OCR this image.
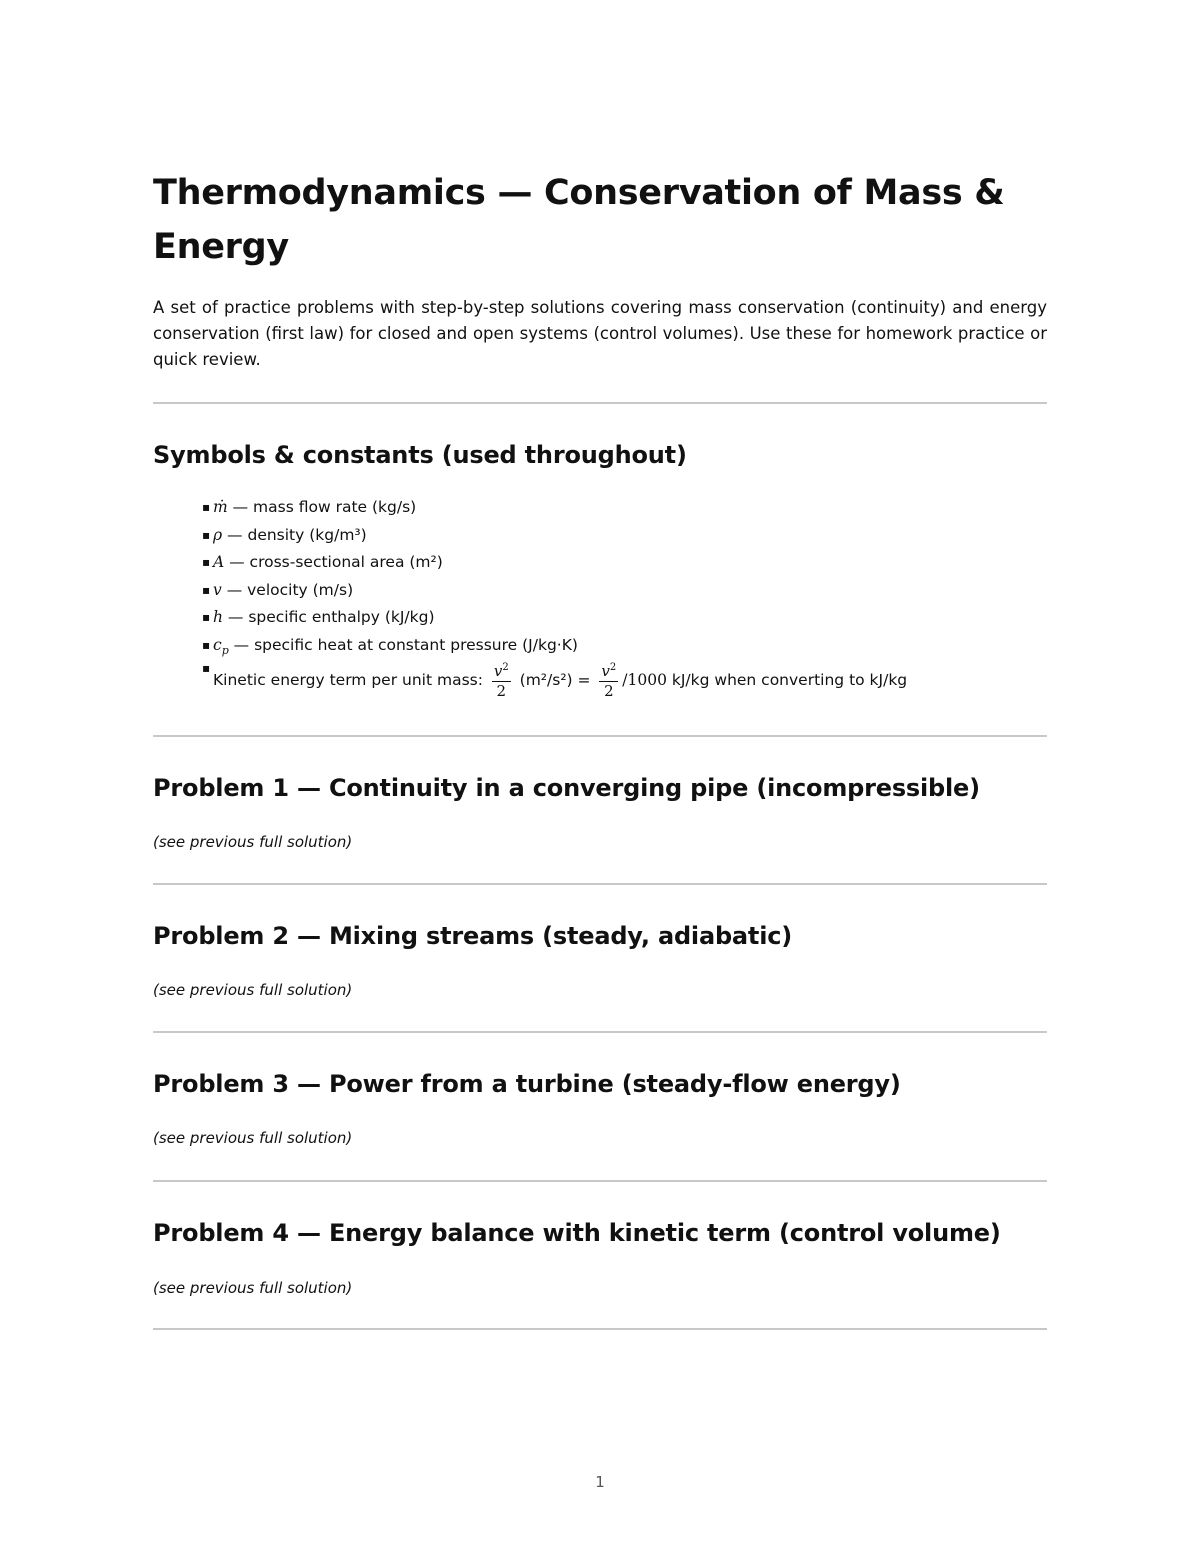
Thermodynamics — Conservation of Mass & Energy

A set of practice problems with step-by-step solutions covering mass conservation (continuity) and energy conservation (first law) for closed and open systems (control volumes). Use these for homework practice or quick review.

Symbols & constants (used throughout)
▪ ṁ — mass flow rate (kg/s)
▪ ρ — density (kg/m³)
▪ A — cross-sectional area (m²)
▪ v — velocity (m/s)
▪ h — specific enthalpy (kJ/kg)
▪ $c_p$ — specific heat at constant pressure (J/kg·K)
▪
Kinetic energy term per unit mass: $\frac{v^2}{2} (m^2/s^2) = \frac{v^2}{2} /1000$ kJ/kg when converting to kJ/kg
Problem 1 — Continuity in a converging pipe (incompressible)

(see previous full solution)

Problem 2 — Mixing streams (steady, adiabatic)

(see previous full solution)

Problem 3 — Power from a turbine (steady-flow energy)

(see previous full solution)

Problem 4 — Energy balance with kinetic term (control volume)

(see previous full solution)

1
